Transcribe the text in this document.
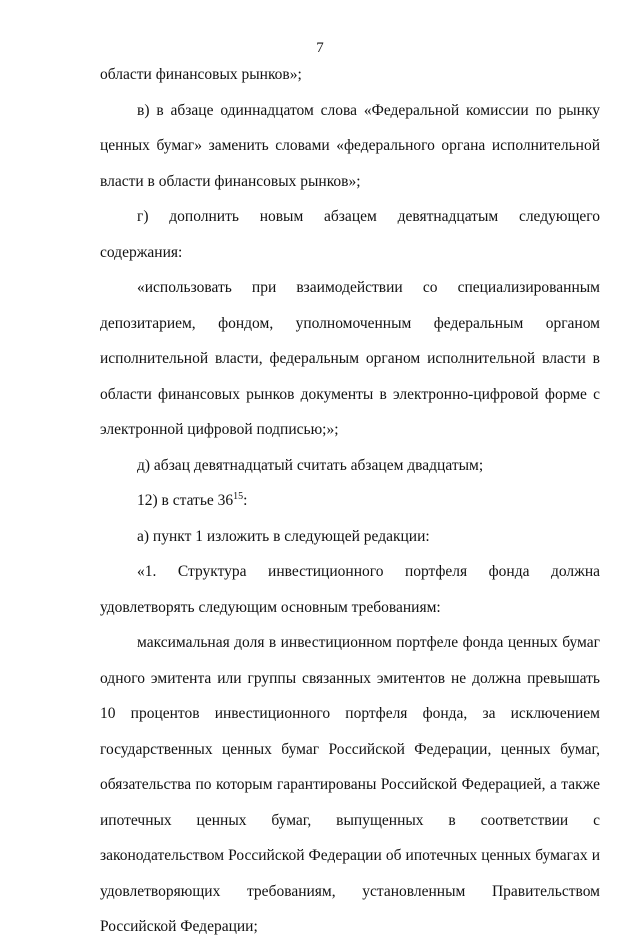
7

области финансовых рынков»;

в) в абзаце одиннадцатом слова «Федеральной комиссии по рынку ценных бумаг» заменить словами «федерального органа исполнительной власти в области финансовых рынков»;

г) дополнить новым абзацем девятнадцатым следующего содержания:

«использовать при взаимодействии со специализированным депозитарием, фондом, уполномоченным федеральным органом исполнительной власти, федеральным органом исполнительной власти в области финансовых рынков документы в электронно-цифровой форме с электронной цифровой подписью;»;

д) абзац девятнадцатый считать абзацем двадцатым;

12) в статье $36^{15}$:

а) пункт 1 изложить в следующей редакции:

«1. Структура инвестиционного портфеля фонда должна удовлетворять следующим основным требованиям:

максимальная доля в инвестиционном портфеле фонда ценных бумаг одного эмитента или группы связанных эмитентов не должна превышать 10 процентов инвестиционного портфеля фонда, за исключением государственных ценных бумаг Российской Федерации, ценных бумаг, обязательства по которым гарантированы Российской Федерацией, а также ипотечных ценных бумаг, выпущенных в соответствии с законодательством Российской Федерации об ипотечных ценных бумагах и удовлетворяющих требованиям, установленным Правительством Российской Федерации;
